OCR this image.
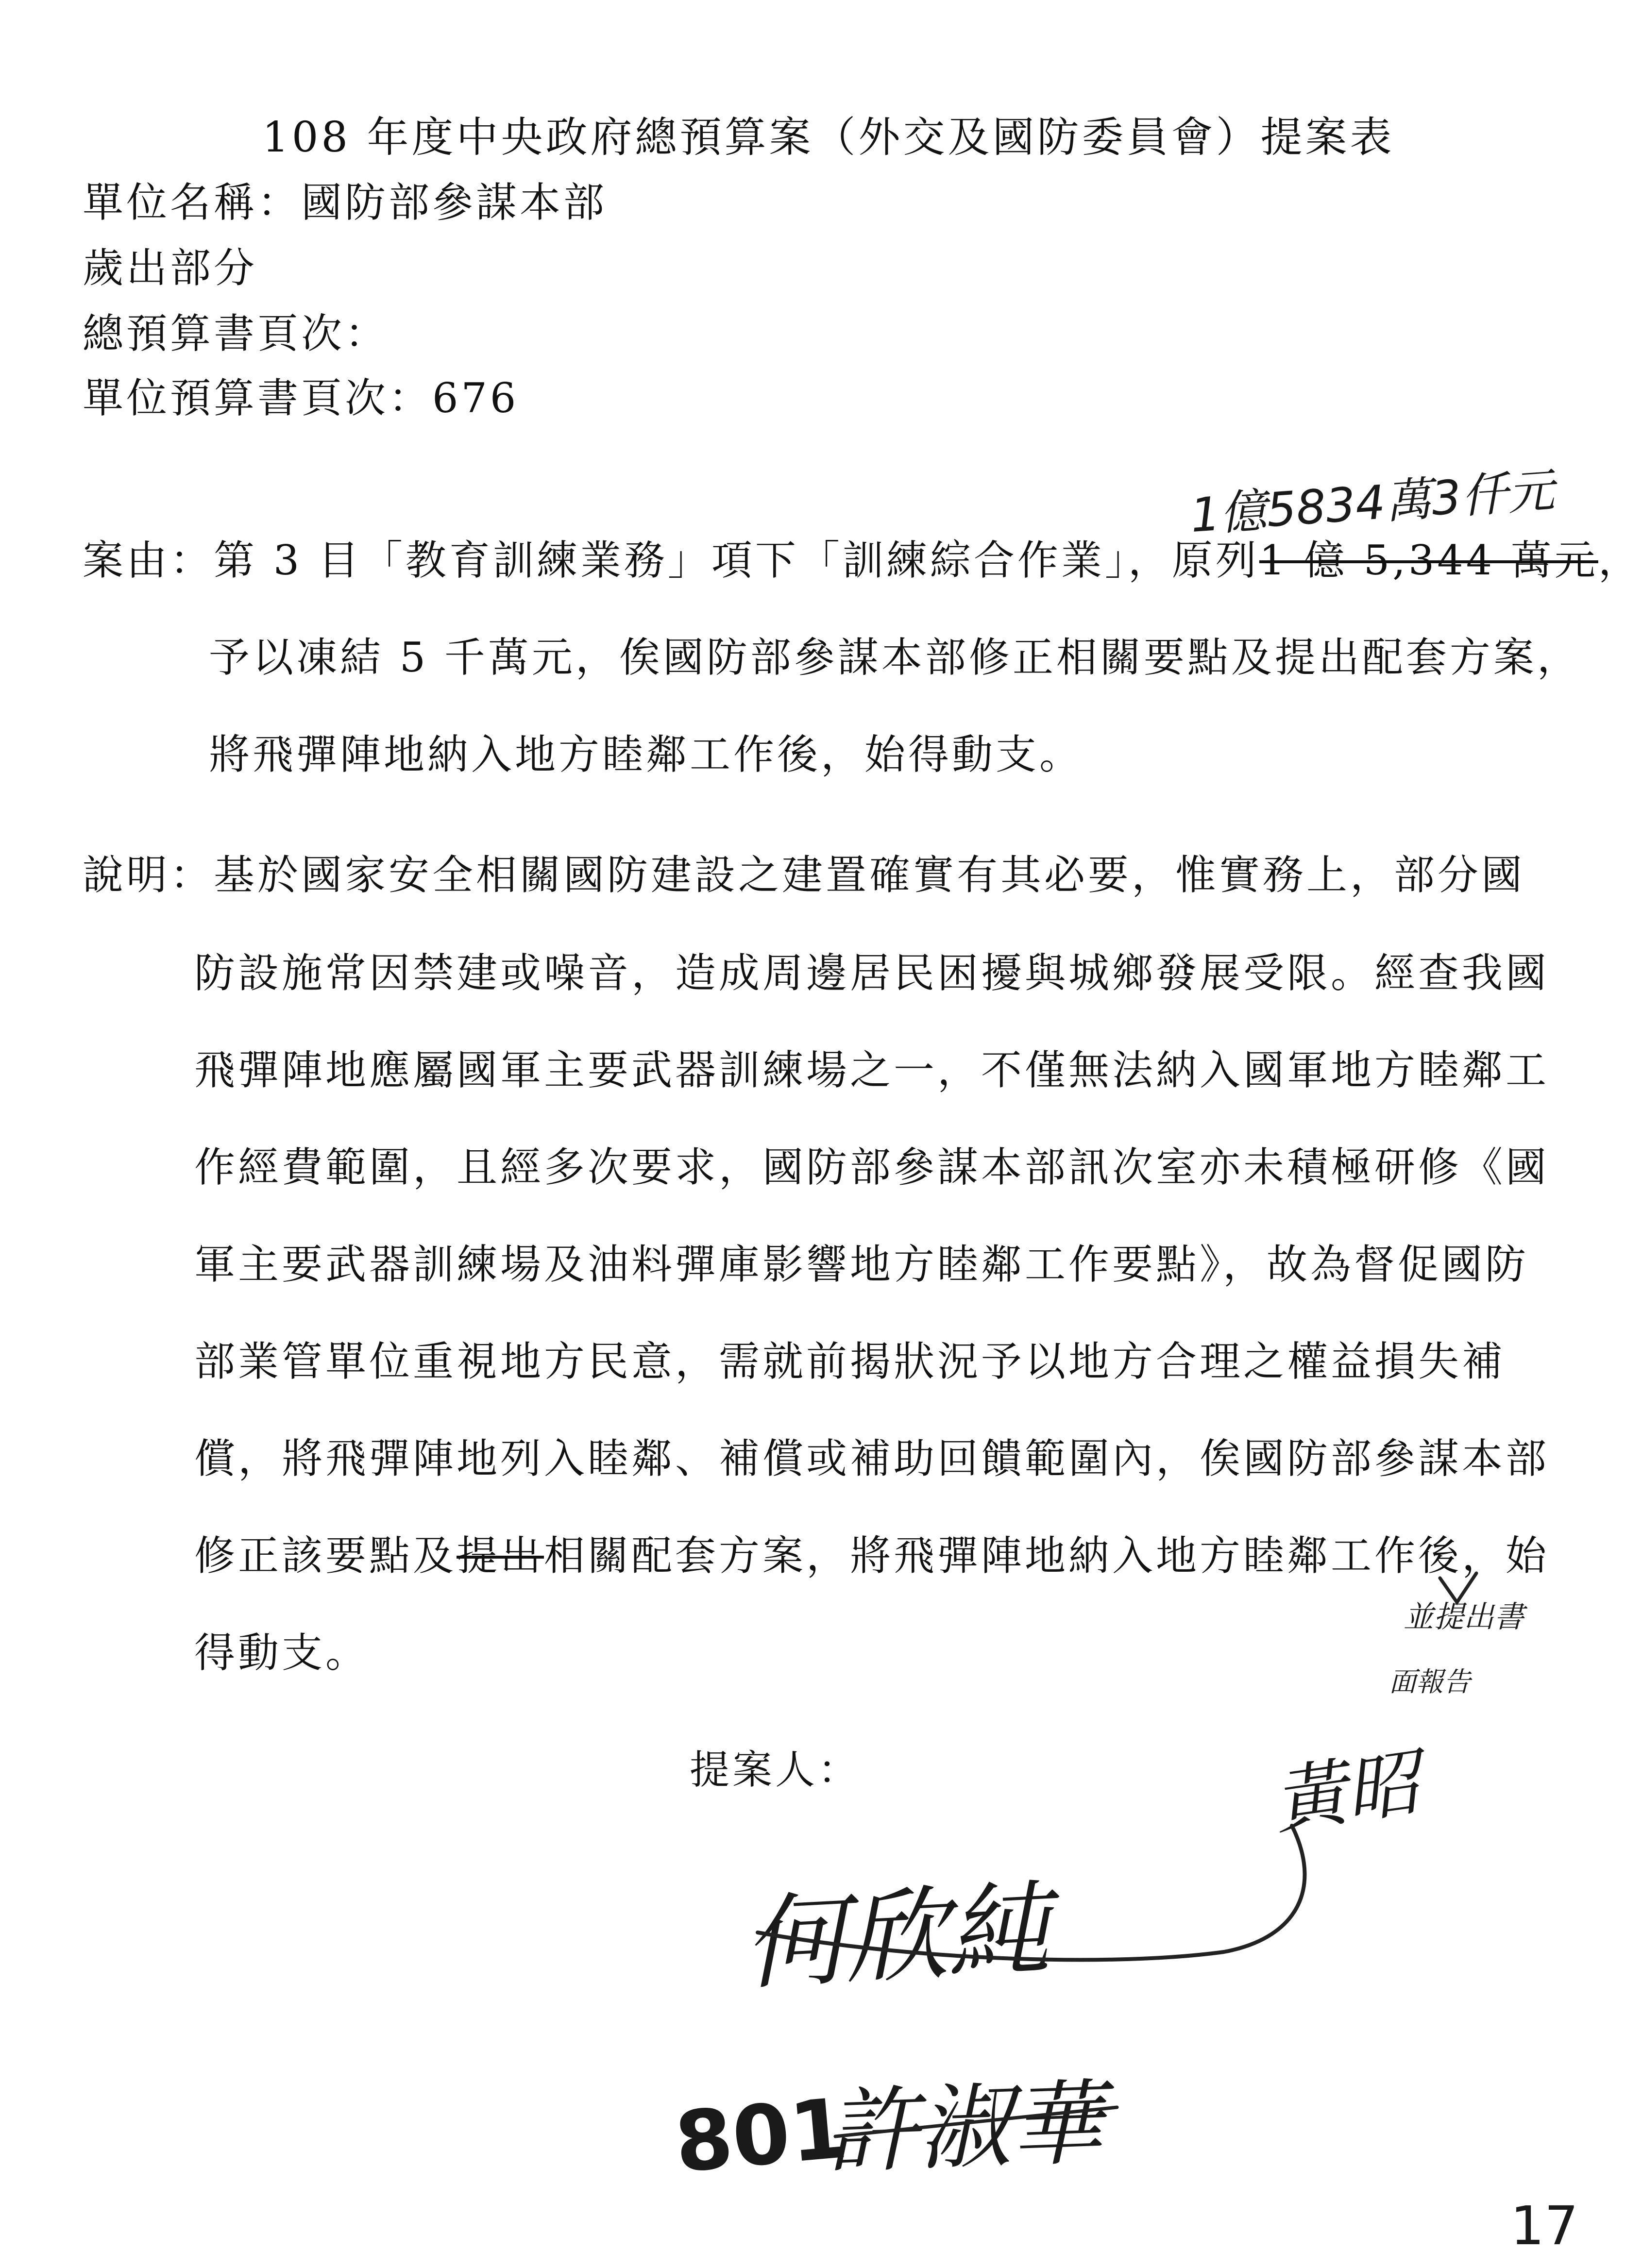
108 年度中央政府總預算案（外交及國防委員會）提案表
單位名稱：國防部參謀本部
歲出部分
總預算書頁次：
單位預算書頁次：676
1億5834萬3仟元
案由：第 3 目「教育訓練業務」項下「訓練綜合作業」，原列1 億 5,344 萬元，
予以凍結 5 千萬元，俟國防部參謀本部修正相關要點及提出配套方案，
將飛彈陣地納入地方睦鄰工作後，始得動支。
說明：基於國家安全相關國防建設之建置確實有其必要，惟實務上，部分國
防設施常因禁建或噪音，造成周邊居民困擾與城鄉發展受限。經查我國
飛彈陣地應屬國軍主要武器訓練場之一，不僅無法納入國軍地方睦鄰工
作經費範圍，且經多次要求，國防部參謀本部訊次室亦未積極研修《國
軍主要武器訓練場及油料彈庫影響地方睦鄰工作要點》，故為督促國防
部業管單位重視地方民意，需就前揭狀況予以地方合理之權益損失補
償，將飛彈陣地列入睦鄰、補償或補助回饋範圍內，俟國防部參謀本部
修正該要點及提出相關配套方案，將飛彈陣地納入地方睦鄰工作後，始
得動支。
並提出書
面報告
提案人：
何欣純
黃昭
801
許淑華
17
